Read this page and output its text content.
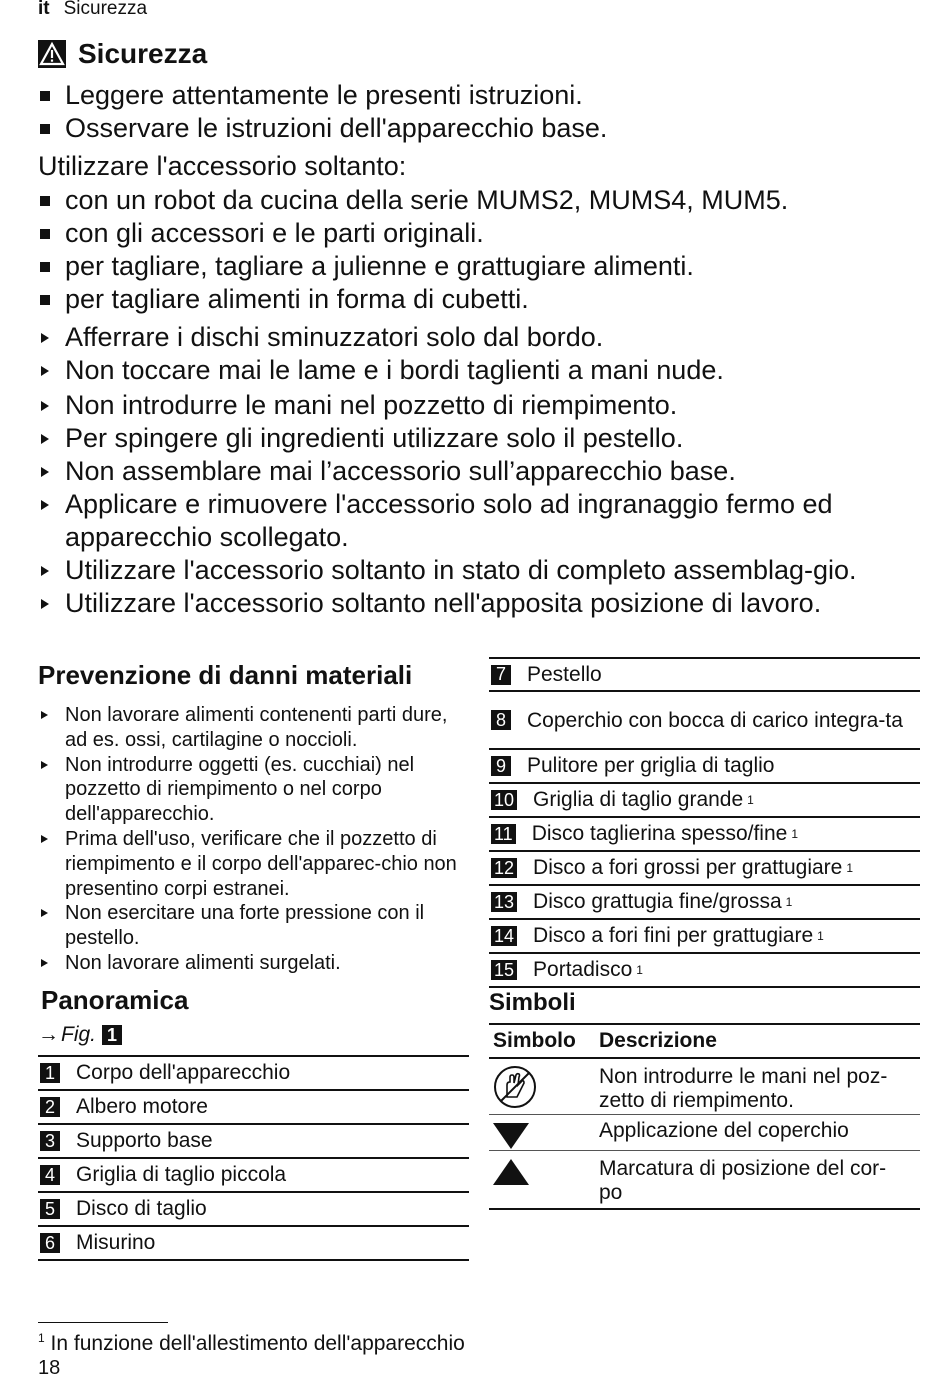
it Sicurezza
Sicurezza
Leggere attentamente le presenti istruzioni.
Osservare le istruzioni dell'apparecchio base.
Utilizzare l'accessorio soltanto:
con un robot da cucina della serie MUMS2, MUMS4, MUM5.
con gli accessori e le parti originali.
per tagliare, tagliare a julienne e grattugiare alimenti.
per tagliare alimenti in forma di cubetti.
Afferrare i dischi sminuzzatori solo dal bordo.
Non toccare mai le lame e i bordi taglienti a mani nude.
Non introdurre le mani nel pozzetto di riempimento.
Per spingere gli ingredienti utilizzare solo il pestello.
Non assemblare mai l’accessorio sull’apparecchio base.
Applicare e rimuovere l'accessorio solo ad ingranaggio fermo ed apparecchio scollegato.
Utilizzare l'accessorio soltanto in stato di completo assemblag-gio.
Utilizzare l'accessorio soltanto nell'apposita posizione di lavoro.
Prevenzione di danni materiali
Non lavorare alimenti contenenti parti dure, ad es. ossi, cartilagine o noccioli.
Non introdurre oggetti (es. cucchiai) nel pozzetto di riempimento o nel corpo dell'apparecchio.
Prima dell'uso, verificare che il pozzetto di riempimento e il corpo dell'apparec-chio non presentino corpi estranei.
Non esercitare una forte pressione con il pestello.
Non lavorare alimenti surgelati.
Panoramica
→ Fig. 1
1 Corpo dell'apparecchio
2 Albero motore
3 Supporto base
4 Griglia di taglio piccola
5 Disco di taglio
6 Misurino
7 Pestello
8 Coperchio con bocca di carico integra-ta
9 Pulitore per griglia di taglio
10 Griglia di taglio grande 1
11 Disco taglierina spesso/fine 1
12 Disco a fori grossi per grattugiare 1
13 Disco grattugia fine/grossa 1
14 Disco a fori fini per grattugiare 1
15 Portadisco 1
Simboli
Simbolo	Descrizione
Non introdurre le mani nel poz-zetto di riempimento.
Applicazione del coperchio
Marcatura di posizione del cor-po
$^1$ In funzione dell'allestimento dell'apparecchio
18
